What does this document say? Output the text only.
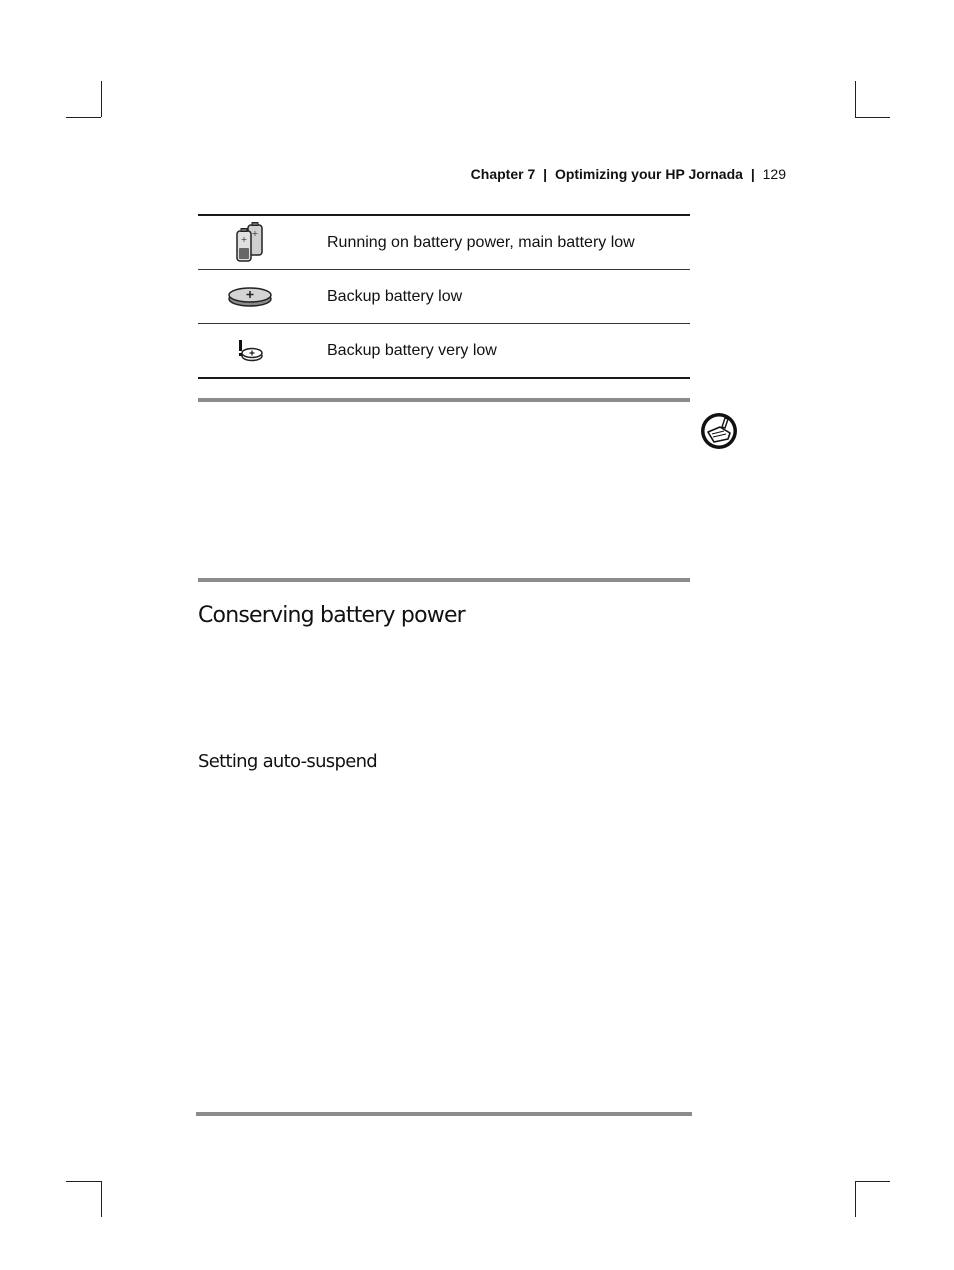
Chapter 7 | Optimizing your HP Jornada | 129
+
+	Running on battery power, main battery low
Backup battery low
Backup battery very low
Conserving battery power
Setting auto-suspend
